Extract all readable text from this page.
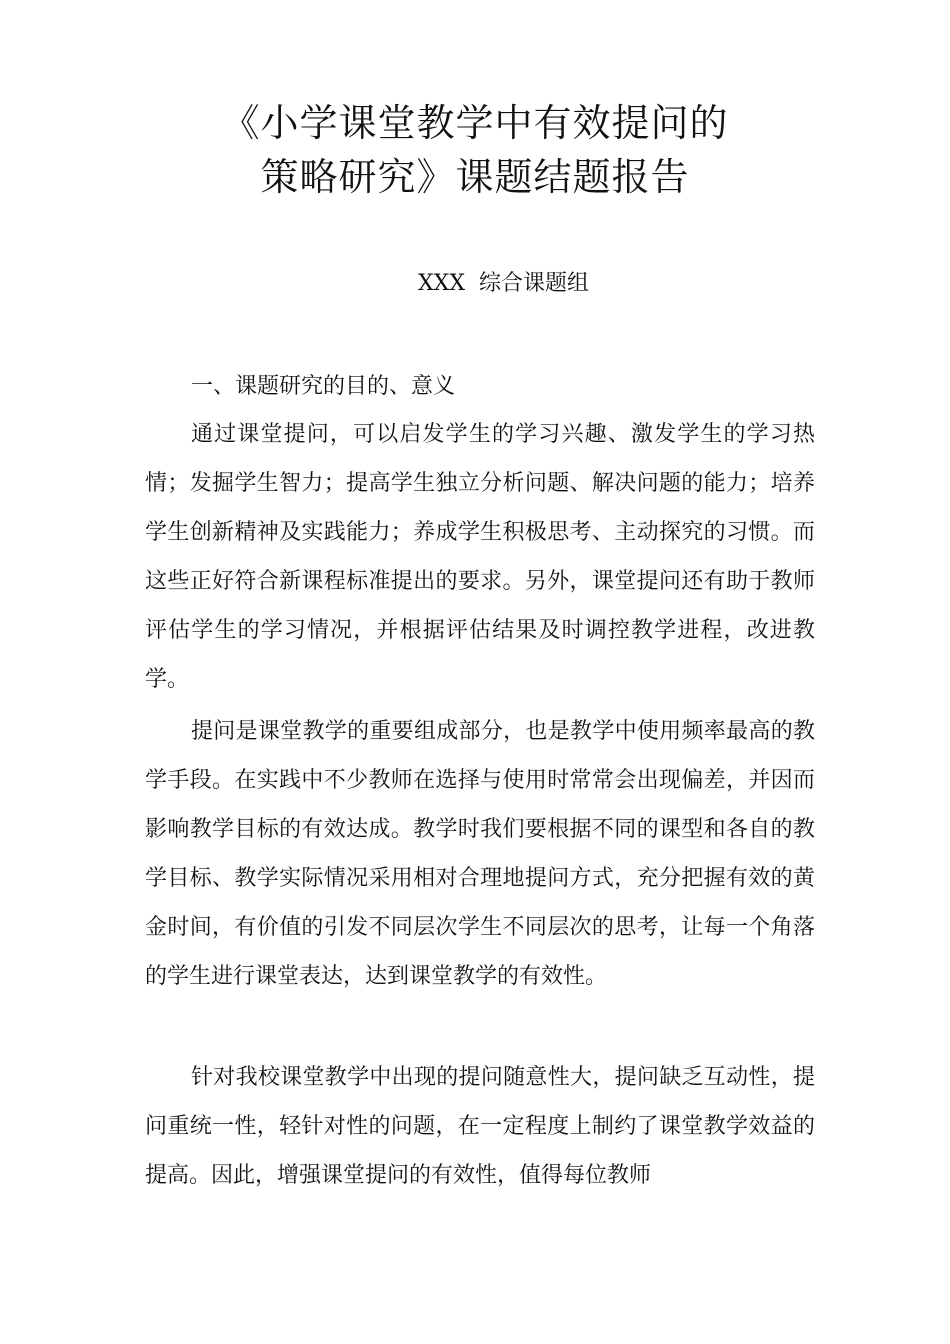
《小学课堂教学中有效提问的
策略研究》课题结题报告

XXX  综合课题组

一、课题研究的目的、意义

通过课堂提问，可以启发学生的学习兴趣、激发学生的学习热情；发掘学生智力；提高学生独立分析问题、解决问题的能力；培养学生创新精神及实践能力；养成学生积极思考、主动探究的习惯。而这些正好符合新课程标准提出的要求。另外，课堂提问还有助于教师评估学生的学习情况，并根据评估结果及时调控教学进程，改进教学。

提问是课堂教学的重要组成部分，也是教学中使用频率最高的教学手段。在实践中不少教师在选择与使用时常常会出现偏差，并因而影响教学目标的有效达成。教学时我们要根据不同的课型和各自的教学目标、教学实际情况采用相对合理地提问方式，充分把握有效的黄金时间，有价值的引发不同层次学生不同层次的思考，让每一个角落的学生进行课堂表达，达到课堂教学的有效性。

针对我校课堂教学中出现的提问随意性大，提问缺乏互动性，提问重统一性，轻针对性的问题，在一定程度上制约了课堂教学效益的提高。因此，增强课堂提问的有效性，值得每位教师
